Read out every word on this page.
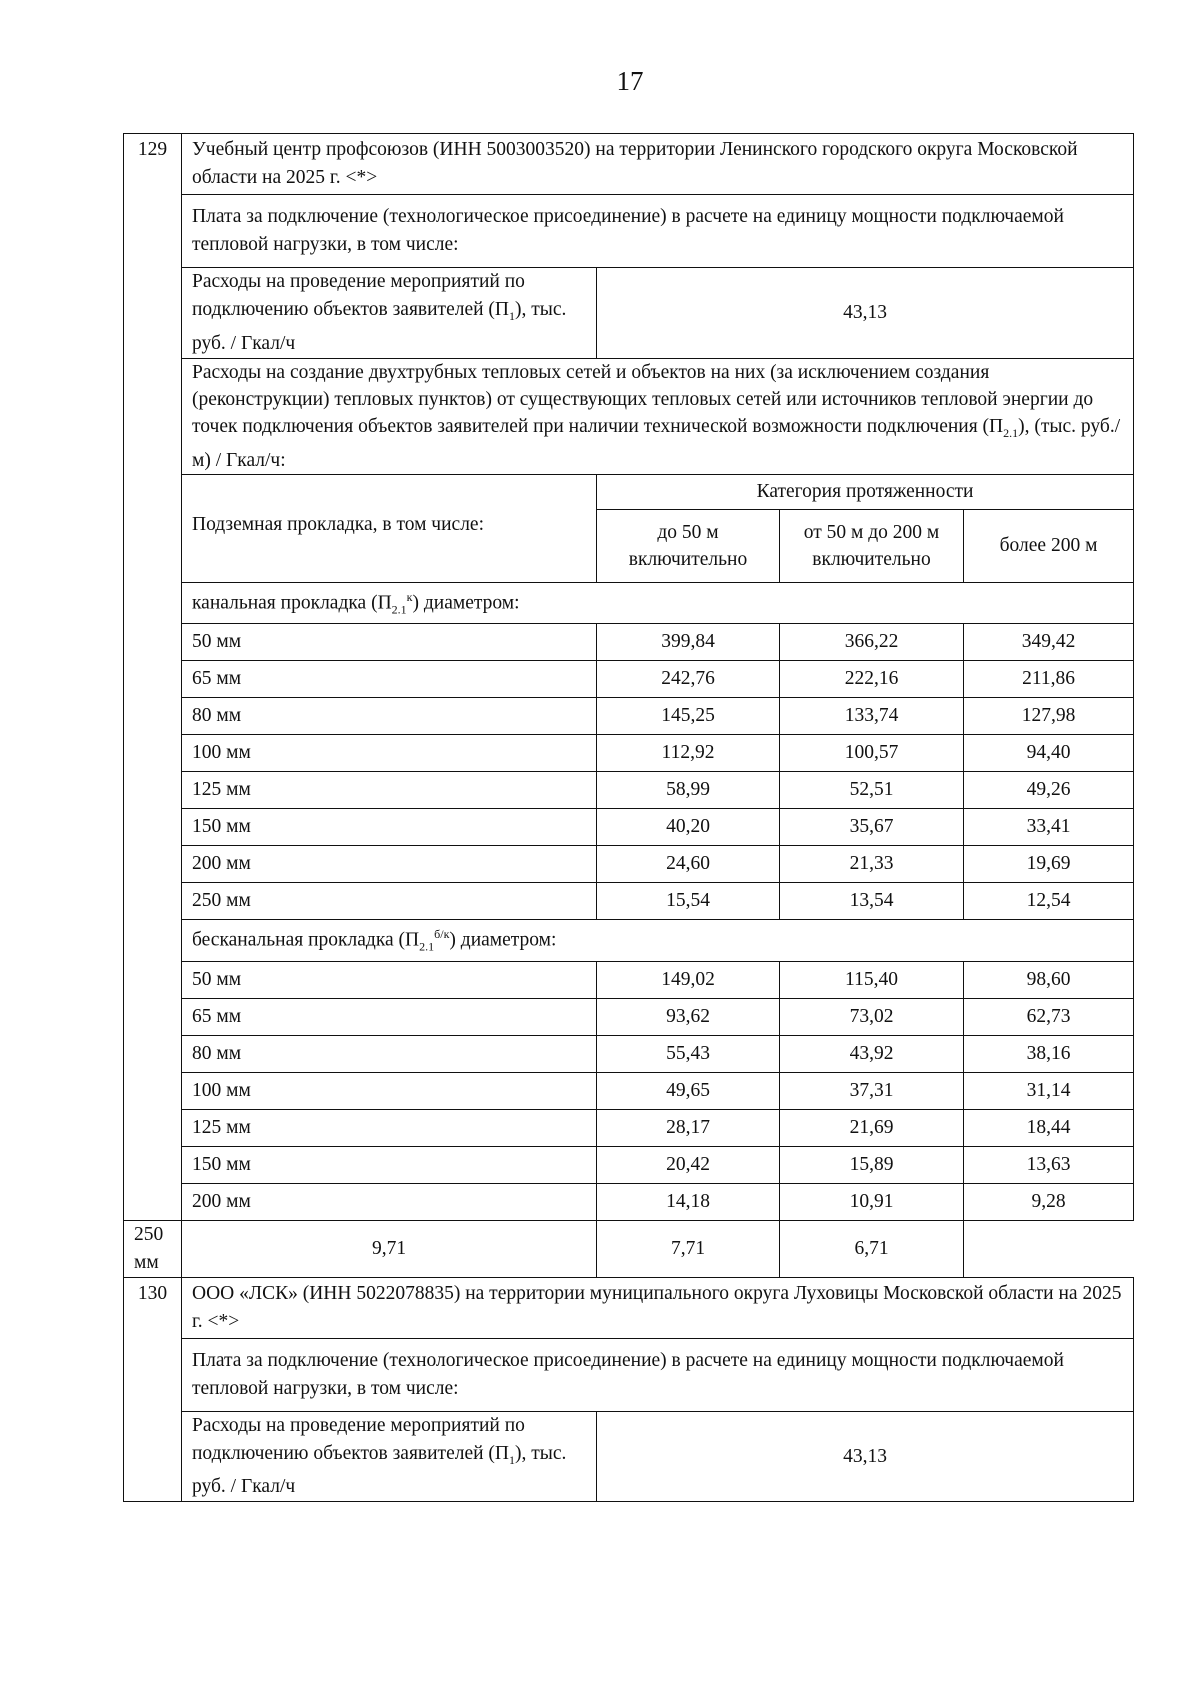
17
129	Учебный центр профсоюзов (ИНН 5003003520) на территории Ленинского городского округа Московской области на 2025 г. <*>			
	Плата за подключение (технологическое присоединение) в расчете на единицу мощности подключаемой тепловой нагрузки, в том числе:			
	Расходы на проведение мероприятий по подключению объектов заявителей $(П_1)$, тыс. руб. / Гкал/ч	43,13		
	Расходы на создание двухтрубных тепловых сетей и объектов на них (за исключением создания (реконструкции) тепловых пунктов) от существующих тепловых сетей или источников тепловой энергии до точек подключения объектов заявителей при наличии технической возможности подключения $(П_{2.1})$, (тыс. руб./м) / Гкал/ч:			
	Подземная прокладка, в том числе:	Категория протяженности		
		до 50 м включительно	от 50 м до 200 м включительно	более 200 м
	канальная прокладка $(П_{2.1}^к)$ диаметром:			
	50 мм	399,84	366,22	349,42
	65 мм	242,76	222,16	211,86
	80 мм	145,25	133,74	127,98
	100 мм	112,92	100,57	94,40
	125 мм	58,99	52,51	49,26
	150 мм	40,20	35,67	33,41
	200 мм	24,60	21,33	19,69
	250 мм	15,54	13,54	12,54
	бесканальная прокладка $(П_{2.1}^{б/к})$ диаметром:			
	50 мм	149,02	115,40	98,60
	65 мм	93,62	73,02	62,73
	80 мм	55,43	43,92	38,16
	100 мм	49,65	37,31	31,14
	125 мм	28,17	21,69	18,44
	150 мм	20,42	15,89	13,63
	200 мм	14,18	10,91	9,28
250 мм	9,71	7,71	6,71	
130	ООО «ЛСК» (ИНН 5022078835) на территории муниципального округа Луховицы Московской области на 2025 г. <*>			
	Плата за подключение (технологическое присоединение) в расчете на единицу мощности подключаемой тепловой нагрузки, в том числе:			
	Расходы на проведение мероприятий по подключению объектов заявителей $(П_1)$, тыс. руб. / Гкал/ч	43,13		
